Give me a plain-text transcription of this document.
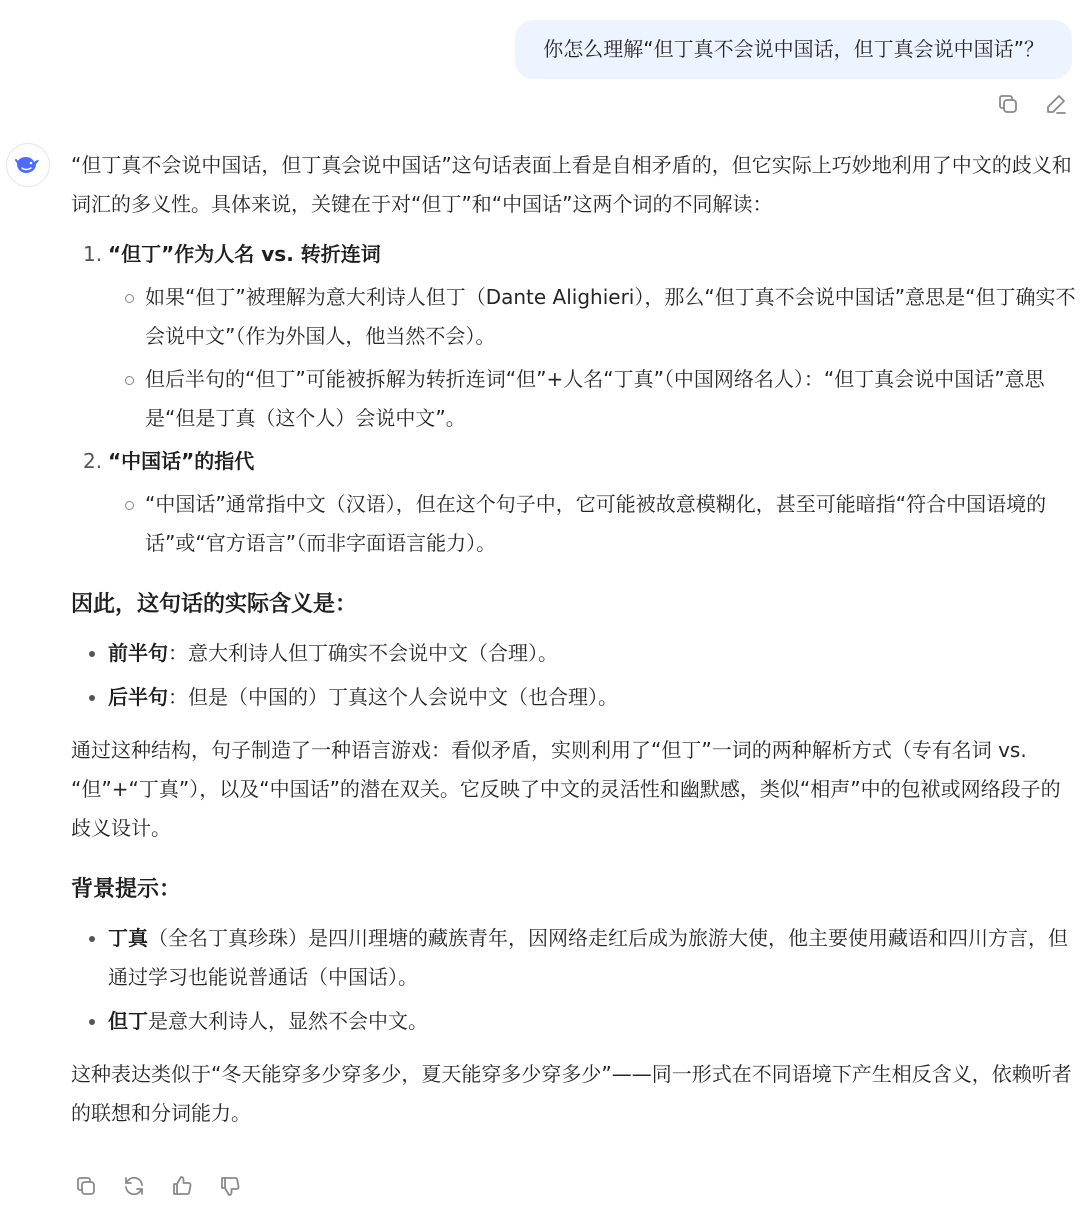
你怎么理解“但丁真不会说中国话，但丁真会说中国话”？

“但丁真不会说中国话，但丁真会说中国话”这句话表面上看是自相矛盾的，但它实际上巧妙地利用了中文的歧义和词汇的多义性。具体来说，关键在于对“但丁”和“中国话”这两个词的不同解读：

1. “但丁”作为人名 vs. 转折连词
如果“但丁”被理解为意大利诗人但丁（Dante Alighieri），那么“但丁真不会说中国话”意思是“但丁确实不会说中文”（作为外国人，他当然不会）。
但后半句的“但丁”可能被拆解为转折连词“但”+人名“丁真”（中国网络名人）：“但丁真会说中国话”意思是“但是丁真（这个人）会说中文”。
2. “中国话”的指代
“中国话”通常指中文（汉语），但在这个句子中，它可能被故意模糊化，甚至可能暗指“符合中国语境的话”或“官方语言”（而非字面语言能力）。
因此，这句话的实际含义是：
前半句：意大利诗人但丁确实不会说中文（合理）。
后半句：但是（中国的）丁真这个人会说中文（也合理）。

通过这种结构，句子制造了一种语言游戏：看似矛盾，实则利用了“但丁”一词的两种解析方式（专有名词 vs. “但”+“丁真”），以及“中国话”的潜在双关。它反映了中文的灵活性和幽默感，类似“相声”中的包袱或网络段子的歧义设计。

背景提示：
丁真（全名丁真珍珠）是四川理塘的藏族青年，因网络走红后成为旅游大使，他主要使用藏语和四川方言，但通过学习也能说普通话（中国话）。
但丁是意大利诗人，显然不会中文。

这种表达类似于“冬天能穿多少穿多少，夏天能穿多少穿多少”——同一形式在不同语境下产生相反含义，依赖听者的联想和分词能力。
